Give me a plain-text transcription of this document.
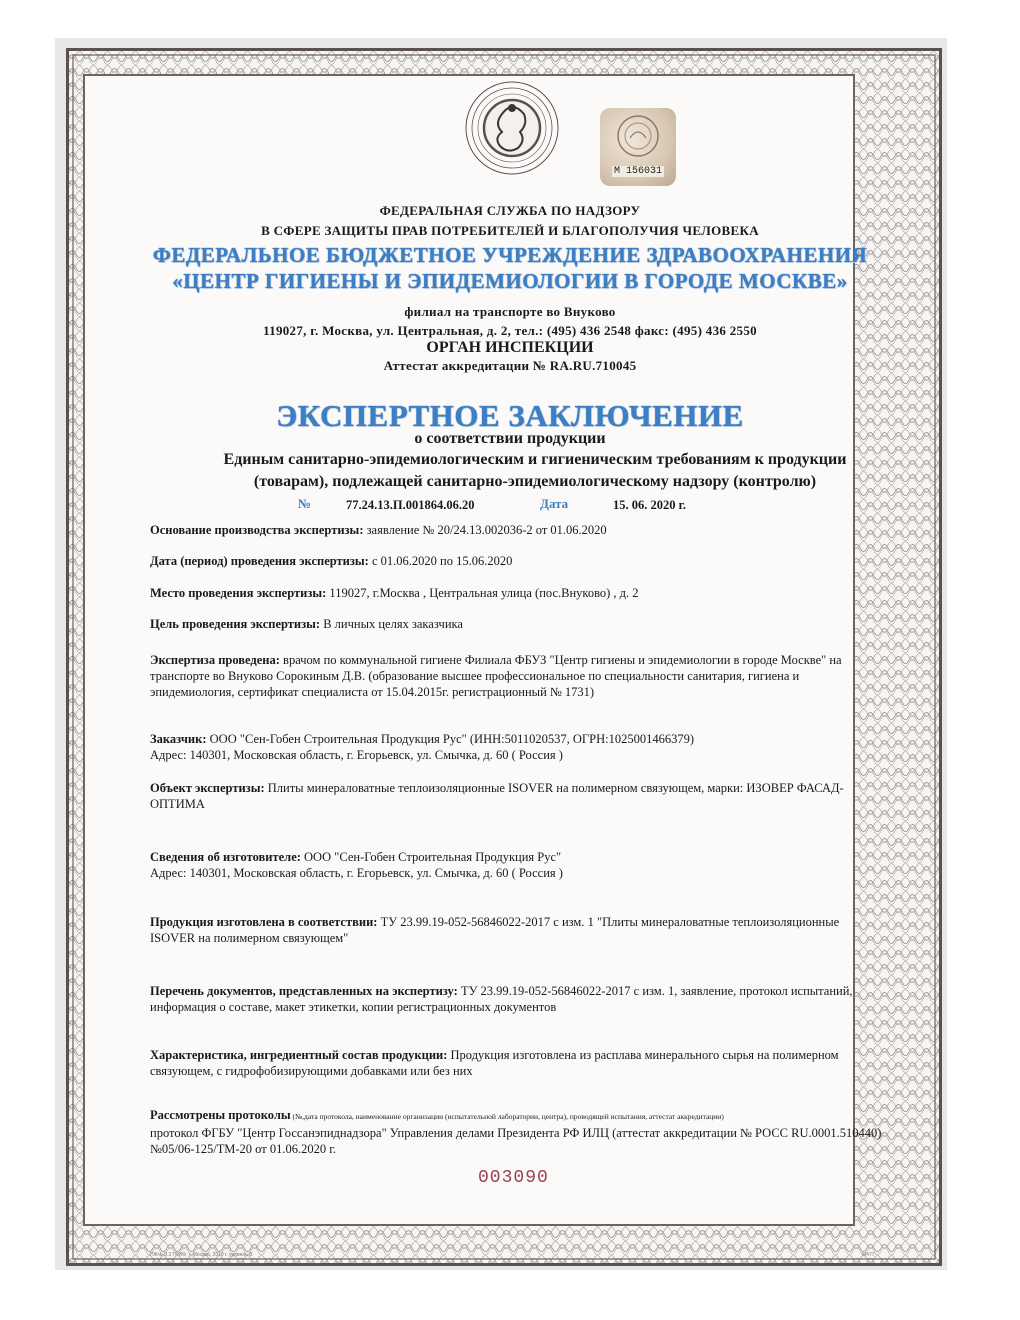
M 156031
ФЕДЕРАЛЬНАЯ СЛУЖБА ПО НАДЗОРУ
В СФЕРЕ ЗАЩИТЫ ПРАВ ПОТРЕБИТЕЛЕЙ И БЛАГОПОЛУЧИЯ ЧЕЛОВЕКА
ФЕДЕРАЛЬНОЕ БЮДЖЕТНОЕ УЧРЕЖДЕНИЕ ЗДРАВООХРАНЕНИЯ
«ЦЕНТР ГИГИЕНЫ И ЭПИДЕМИОЛОГИИ В ГОРОДЕ МОСКВЕ»
филиал на транспорте во Внуково
119027, г. Москва, ул. Центральная, д. 2, тел.: (495) 436 2548 факс: (495) 436 2550
ОРГАН ИНСПЕКЦИИ
Аттестат аккредитации № RA.RU.710045
ЭКСПЕРТНОЕ ЗАКЛЮЧЕНИЕ
о соответствии продукции
Единым санитарно-эпидемиологическим и гигиеническим требованиям к продукции
(товарам), подлежащей санитарно-эпидемиологическому надзору (контролю)
№	77.24.13.П.001864.06.20	Дата	15. 06. 2020 г.
Основание производства экспертизы: заявление № 20/24.13.002036-2 от 01.06.2020
Дата (период) проведения экспертизы: с 01.06.2020 по 15.06.2020
Место проведения экспертизы: 119027, г.Москва , Центральная улица (пос.Внуково) , д. 2
Цель проведения экспертизы: В личных целях заказчика
Экспертиза проведена: врачом по коммунальной гигиене Филиала ФБУЗ "Центр гигиены и эпидемиологии в городе Москве" на транспорте во Внуково Сорокиным Д.В. (образование высшее профессиональное по специальности санитария, гигиена и эпидемиология, сертификат специалиста от 15.04.2015г. регистрационный № 1731)
Заказчик: ООО "Сен-Гобен Строительная Продукция Рус" (ИНН:5011020537, ОГРН:1025001466379)
Адрес: 140301, Московская область, г. Егорьевск, ул. Смычка, д. 60 ( Россия )
Объект экспертизы: Плиты минераловатные теплоизоляционные ISOVER на полимерном связующем, марки: ИЗОВЕР ФАСАД-ОПТИМА
Сведения об изготовителе: ООО "Сен-Гобен Строительная Продукция Рус"
Адрес: 140301, Московская область, г. Егорьевск, ул. Смычка, д. 60 ( Россия )
Продукция изготовлена в соответствии: ТУ 23.99.19-052-56846022-2017 с изм. 1 "Плиты минераловатные теплоизоляционные ISOVER на полимерном связующем"
Перечень документов, представленных на экспертизу: ТУ 23.99.19-052-56846022-2017 с изм. 1, заявление, протокол испытаний, информация о составе, макет этикетки, копии регистрационных документов
Характеристика, ингредиентный состав продукции: Продукция изготовлена из расплава минерального сырья на полимерном связующем, с гидрофобизирующими добавками или без них
Рассмотрены протоколы (№,дата протокола, наименование организации (испытательной лаборатории, центра), проводящей испытания, аттестат аккредитации)
протокол ФГБУ "Центр Госсанэпиднадзора" Управления делами Президента РФ ИЛЦ (аттестат аккредитации № РОСС RU.0001.510440) №05/06-125/ТМ-20 от 01.06.2020 г.
003090
ПФ№ 0.3 ГРИФ, г. Москва, 2019 г. уровень В	M477
